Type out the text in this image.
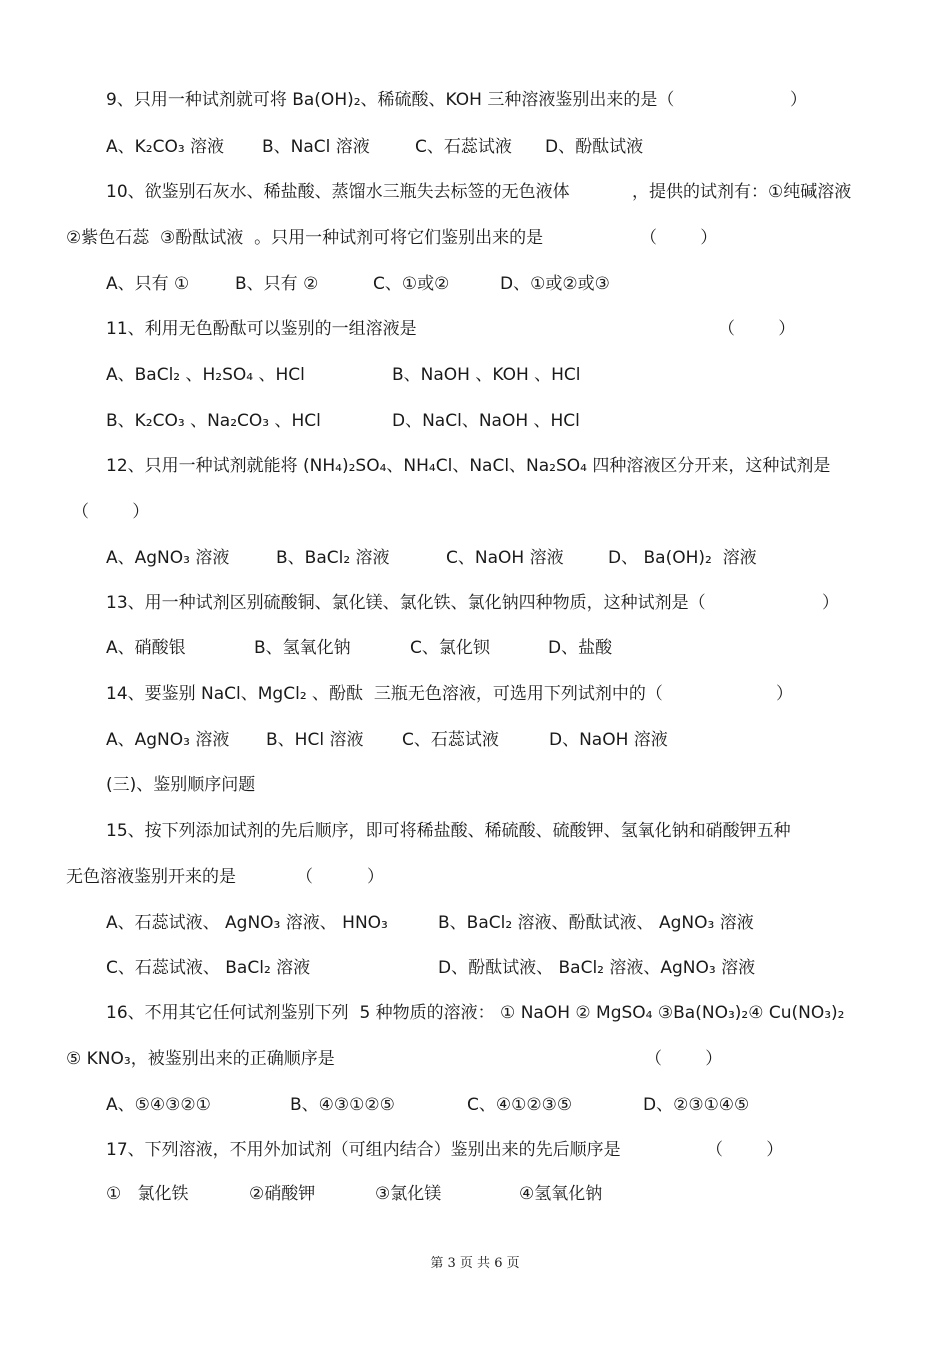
9、只用一种试剂就可将 Ba(OH)₂、稀硫酸、KOH 三种溶液鉴别出来的是（	）
A、K₂CO₃ 溶液 B、NaCl 溶液	C、石蕊试液 D、酚酞试液
10、欲鉴别石灰水、稀盐酸、蒸馏水三瓶失去标签的无色液体	，提供的试剂有：①纯碱溶液
②紫色石蕊  ③酚酞试液  。只用一种试剂可将它们鉴别出来的是	（        ）
A、只有 ①	B、只有 ②	C、①或②	D、①或②或③
11、利用无色酚酞可以鉴别的一组溶液是	（        ）
A、BaCl₂ 、H₂SO₄ 、HCl	B、NaOH 、KOH 、HCl
B、K₂CO₃ 、Na₂CO₃ 、HCl	D、NaCl、NaOH 、HCl
12、只用一种试剂就能将 (NH₄)₂SO₄、NH₄Cl、NaCl、Na₂SO₄ 四种溶液区分开来，这种试剂是
（        ）
A、AgNO₃ 溶液	B、BaCl₂ 溶液	C、NaOH 溶液	D、 Ba(OH)₂  溶液
13、用一种试剂区别硫酸铜、氯化镁、氯化铁、氯化钠四种物质，这种试剂是（	）
A、硝酸银	B、氢氧化钠	C、氯化钡	D、盐酸
14、要鉴别 NaCl、MgCl₂ 、酚酞  三瓶无色溶液，可选用下列试剂中的（	）
A、AgNO₃ 溶液 B、HCl 溶液 C、石蕊试液	D、NaOH 溶液
(三)、鉴别顺序问题
15、按下列添加试剂的先后顺序，即可将稀盐酸、稀硫酸、硫酸钾、氢氧化钠和硝酸钾五种
无色溶液鉴别开来的是	（          ）
A、石蕊试液、 AgNO₃ 溶液、 HNO₃	B、BaCl₂ 溶液、酚酞试液、 AgNO₃ 溶液
C、石蕊试液、 BaCl₂ 溶液	D、酚酞试液、 BaCl₂ 溶液、AgNO₃ 溶液
16、不用其它任何试剂鉴别下列  5 种物质的溶液： ① NaOH ② MgSO₄ ③Ba(NO₃)₂④ Cu(NO₃)₂
⑤ KNO₃，被鉴别出来的正确顺序是	（        ）
A、⑤④③②①	B、④③①②⑤	C、④①②③⑤	D、②③①④⑤
17、下列溶液，不用外加试剂（可组内结合）鉴别出来的先后顺序是	（        ）
①   氯化铁	②硝酸钾	③氯化镁	④氢氧化钠
第 3 页 共 6 页
